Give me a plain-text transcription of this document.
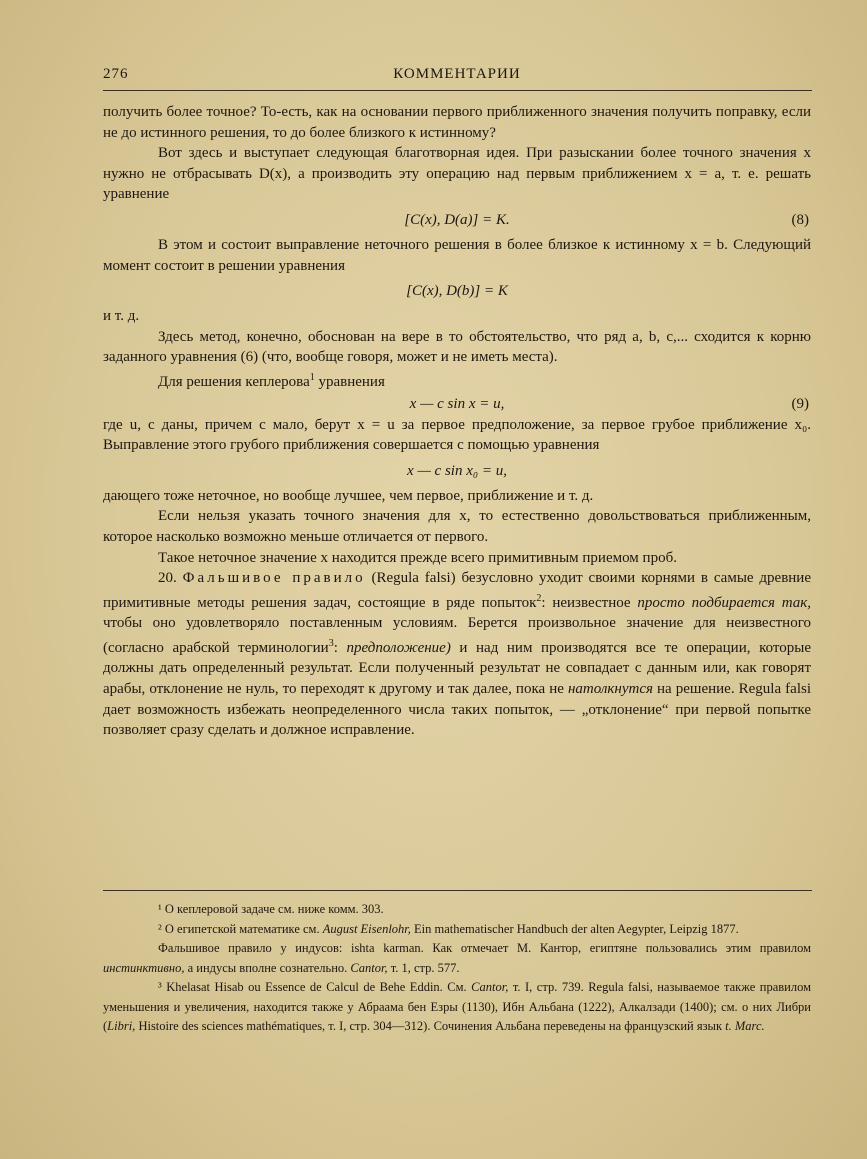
276	КОММЕНТАРИИ

получить более точное? То-есть, как на основании первого приближенного значения получить поправку, если не до истинного решения, то до более близкого к истинному?

Вот здесь и выступает следующая благотворная идея. При разыскании более точного значения x нужно не отбрасывать D(x), а производить эту операцию над первым приближением x = a, т. е. решать уравнение

[C(x), D(a)] = K.	(8)

В этом и состоит выправление неточного решения в более близкое к истинному x = b. Следующий момент состоит в решении уравнения

[C(x), D(b)] = K

и т. д.

Здесь метод, конечно, обоснован на вере в то обстоятельство, что ряд a, b, c,... сходится к корню заданного уравнения (6) (что, вообще говоря, может и не иметь места).

Для решения кеплерова$^1$ уравнения

x — c sin x = u,	(9)

где u, c даны, причем c мало, берут x = u за первое предположение, за первое грубое приближение x₀. Выправление этого грубого приближения совершается с помощью уравнения

x — c sin x₀ = u,

дающего тоже неточное, но вообще лучшее, чем первое, приближение и т. д.

Если нельзя указать точного значения для x, то естественно довольствоваться приближенным, которое насколько возможно меньше отличается от первого.

Такое неточное значение x находится прежде всего примитивным приемом проб.

20. Фальшивое правило (Regula falsi) безусловно уходит своими корнями в самые древние примитивные методы решения задач, состоящие в ряде попыток$^2$: неизвестное просто подбирается так, чтобы оно удовлетворяло поставленным условиям. Берется произвольное значение для неизвестного (согласно арабской терминологии$^3$: предположение) и над ним производятся все те операции, которые должны дать определенный результат. Если полученный результат не совпадает с данным или, как говорят арабы, отклонение не нуль, то переходят к другому и так далее, пока не натолкнутся на решение. Regula falsi дает возможность избежать неопределенного числа таких попыток, — „отклонение“ при первой попытке позволяет сразу сделать и должное исправление.

¹ О кеплеровой задаче см. ниже комм. 303.

² О египетской математике см. August Eisenlohr, Ein mathematischer Handbuch der alten Aegypter, Leipzig 1877.

Фальшивое правило у индусов: ishta karman. Как отмечает М. Кантор, египтяне пользовались этим правилом инстинктивно, а индусы вполне сознательно. Cantor, т. 1, стр. 577.

³ Khelasat Hisab ou Essence de Calcul de Behe Eddin. См. Cantor, т. I, стр. 739. Regula falsi, называемое также правилом уменьшения и увеличения, находится также у Абраама бен Езры (1130), Ибн Альбана (1222), Алкалзади (1400); см. о них Либри (Libri, Histoire des sciences mathématiques, т. I, стр. 304—312). Сочинения Альбана переведены на французский язык t. Marc.
